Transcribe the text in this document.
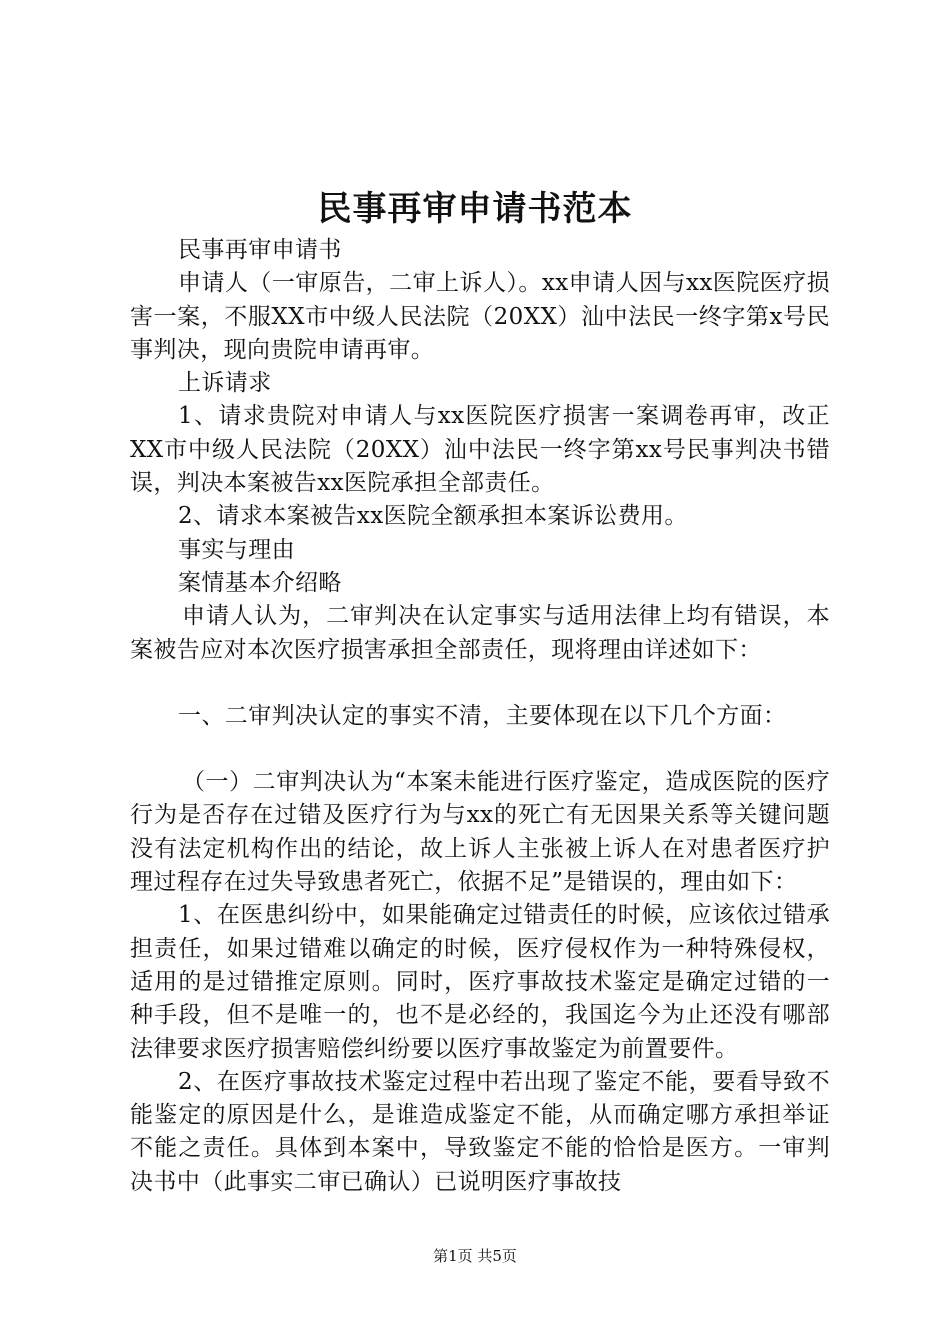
民事再审申请书范本

民事再审申请书

申请人（一审原告，二审上诉人）。xx申请人因与xx医院医疗损害一案，不服XX市中级人民法院（20XX）汕中法民一终字第x号民事判决，现向贵院申请再审。

上诉请求

1、请求贵院对申请人与xx医院医疗损害一案调卷再审，改正XX市中级人民法院（20XX）汕中法民一终字第xx号民事判决书错误，判决本案被告xx医院承担全部责任。

2、请求本案被告xx医院全额承担本案诉讼费用。

事实与理由

案情基本介绍略

申请人认为，二审判决在认定事实与适用法律上均有错误，本案被告应对本次医疗损害承担全部责任，现将理由详述如下：

一、二审判决认定的事实不清，主要体现在以下几个方面：

（一）二审判决认为“本案未能进行医疗鉴定，造成医院的医疗行为是否存在过错及医疗行为与xx的死亡有无因果关系等关键问题没有法定机构作出的结论，故上诉人主张被上诉人在对患者医疗护理过程存在过失导致患者死亡，依据不足”是错误的，理由如下：

1、在医患纠纷中，如果能确定过错责任的时候，应该依过错承担责任，如果过错难以确定的时候，医疗侵权作为一种特殊侵权，适用的是过错推定原则。同时，医疗事故技术鉴定是确定过错的一种手段，但不是唯一的，也不是必经的，我国迄今为止还没有哪部法律要求医疗损害赔偿纠纷要以医疗事故鉴定为前置要件。

2、在医疗事故技术鉴定过程中若出现了鉴定不能，要看导致不能鉴定的原因是什么，是谁造成鉴定不能，从而确定哪方承担举证不能之责任。具体到本案中，导致鉴定不能的恰恰是医方。一审判决书中（此事实二审已确认）已说明医疗事故技

第1页 共5页
